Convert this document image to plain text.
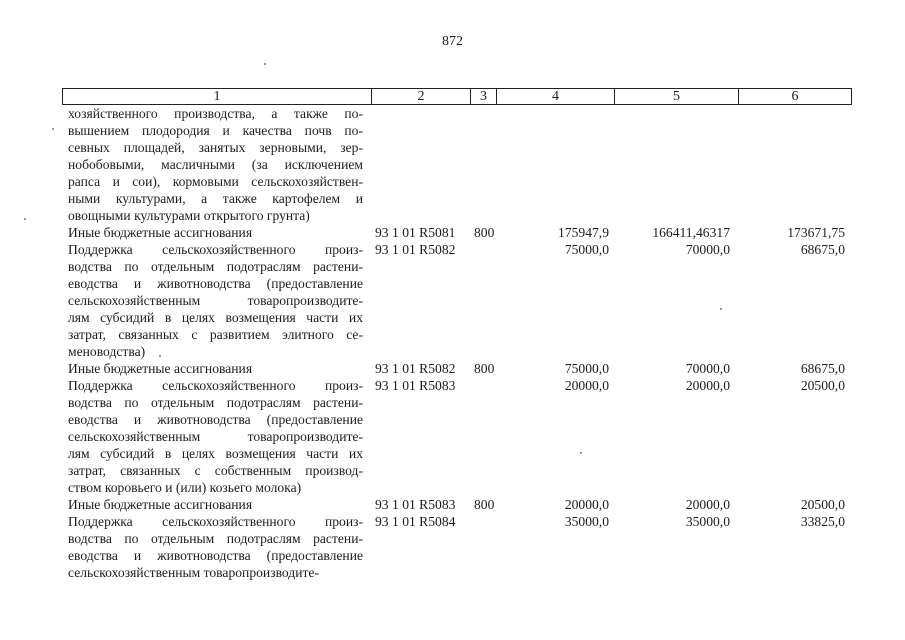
872
1	2	3	4	5	6
хозяйственного производства, а также по-
вышением плодородия и качества почв по-
севных площадей, занятых зерновыми, зер-
нобобовыми, масличными (за исключением
рапса и сои), кормовыми сельскохозяйствен-
ными культурами, а также картофелем и
овощными культурами открытого грунта)
Иные бюджетные ассигнования	93 1 01 R5081 800	175947,9	166411,46317	173671,75
Поддержка сельскохозяйственного произ-
водства по отдельным подотраслям растени-
еводства и животноводства (предоставление
сельскохозяйственным товаропроизводите-
лям субсидий в целях возмещения части их
затрат, связанных с развитием элитного се-
меноводства)
93 1 01 R5082	75000,0	70000,0	68675,0
Иные бюджетные ассигнования	93 1 01 R5082 800	75000,0	70000,0	68675,0
Поддержка сельскохозяйственного произ-
водства по отдельным подотраслям растени-
еводства и животноводства (предоставление
сельскохозяйственным товаропроизводите-
лям субсидий в целях возмещения части их
затрат, связанных с собственным производ-
ством коровьего и (или) козьего молока)
93 1 01 R5083	20000,0	20000,0	20500,0
Иные бюджетные ассигнования	93 1 01 R5083 800	20000,0	20000,0	20500,0
Поддержка сельскохозяйственного произ-
водства по отдельным подотраслям растени-
еводства и животноводства (предоставление
сельскохозяйственным товаропроизводите-
93 1 01 R5084	35000,0	35000,0	33825,0
